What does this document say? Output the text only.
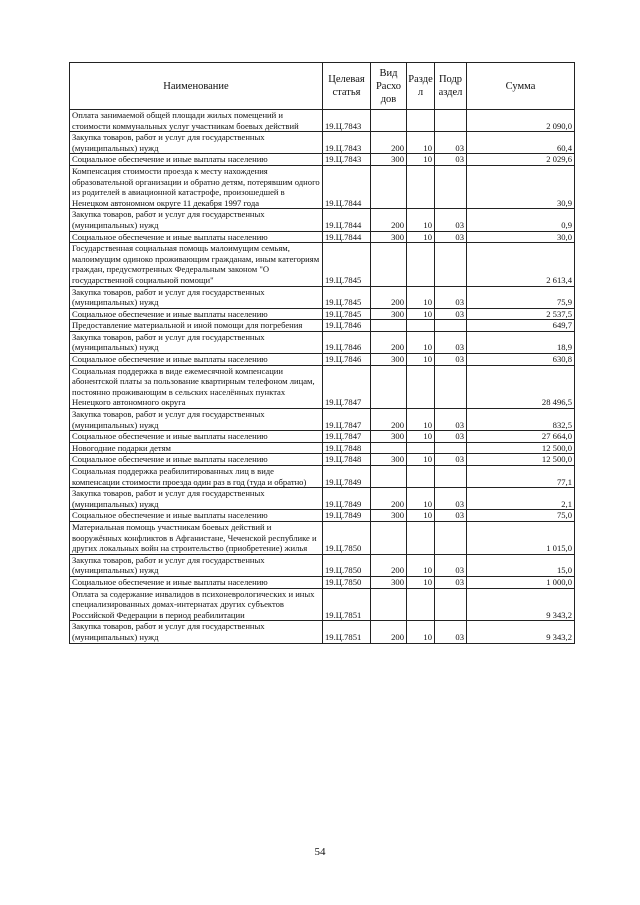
Наименование	Целевая статья	Вид Расхо дов	Разде л	Подр аздел	Сумма
Оплата занимаемой общей площади жилых помещений и стоимости коммунальных услуг участникам боевых действий	19.Ц.7843				2 090,0
Закупка товаров, работ и услуг для государственных (муниципальных) нужд	19.Ц.7843	200	10	03	60,4
Социальное обеспечение и иные выплаты населению	19.Ц.7843	300	10	03	2 029,6
Компенсация стоимости проезда к месту нахождения образовательной организации и обратно детям, потерявшим одного из родителей в авиационной катастрофе, произошедшей в Ненецком автономном округе 11 декабря 1997 года	19.Ц.7844				30,9
Закупка товаров, работ и услуг для государственных (муниципальных) нужд	19.Ц.7844	200	10	03	0,9
Социальное обеспечение и иные выплаты населению	19.Ц.7844	300	10	03	30,0
Государственная социальная помощь малоимущим семьям, малоимущим одиноко проживающим гражданам, иным категориям граждан, предусмотренных Федеральным законом "О государственной социальной помощи"	19.Ц.7845				2 613,4
Закупка товаров, работ и услуг для государственных (муниципальных) нужд	19.Ц.7845	200	10	03	75,9
Социальное обеспечение и иные выплаты населению	19.Ц.7845	300	10	03	2 537,5
Предоставление материальной и иной помощи для погребения	19.Ц.7846				649,7
Закупка товаров, работ и услуг для государственных (муниципальных) нужд	19.Ц.7846	200	10	03	18,9
Социальное обеспечение и иные выплаты населению	19.Ц.7846	300	10	03	630,8
Социальная поддержка в виде ежемесячной компенсации абонентской платы за пользование квартирным телефоном лицам, постоянно проживающим в сельских населённых пунктах Ненецкого автономного округа	19.Ц.7847				28 496,5
Закупка товаров, работ и услуг для государственных (муниципальных) нужд	19.Ц.7847	200	10	03	832,5
Социальное обеспечение и иные выплаты населению	19.Ц.7847	300	10	03	27 664,0
Новогодние подарки детям	19.Ц.7848				12 500,0
Социальное обеспечение и иные выплаты населению	19.Ц.7848	300	10	03	12 500,0
Социальная поддержка реабилитированных лиц в виде компенсации стоимости проезда один раз в год (туда и обратно)	19.Ц.7849				77,1
Закупка товаров, работ и услуг для государственных (муниципальных) нужд	19.Ц.7849	200	10	03	2,1
Социальное обеспечение и иные выплаты населению	19.Ц.7849	300	10	03	75,0
Материальная помощь участникам боевых действий и вооружённых конфликтов в Афганистане, Чеченской республике и других локальных войн на строительство (приобретение) жилья	19.Ц.7850				1 015,0
Закупка товаров, работ и услуг для государственных (муниципальных) нужд	19.Ц.7850	200	10	03	15,0
Социальное обеспечение и иные выплаты населению	19.Ц.7850	300	10	03	1 000,0
Оплата за содержание инвалидов в психоневрологических и иных специализированных домах-интернатах других субъектов Российской Федерации в период реабилитации	19.Ц.7851				9 343,2
Закупка товаров, работ и услуг для государственных (муниципальных) нужд	19.Ц.7851	200	10	03	9 343,2
54
